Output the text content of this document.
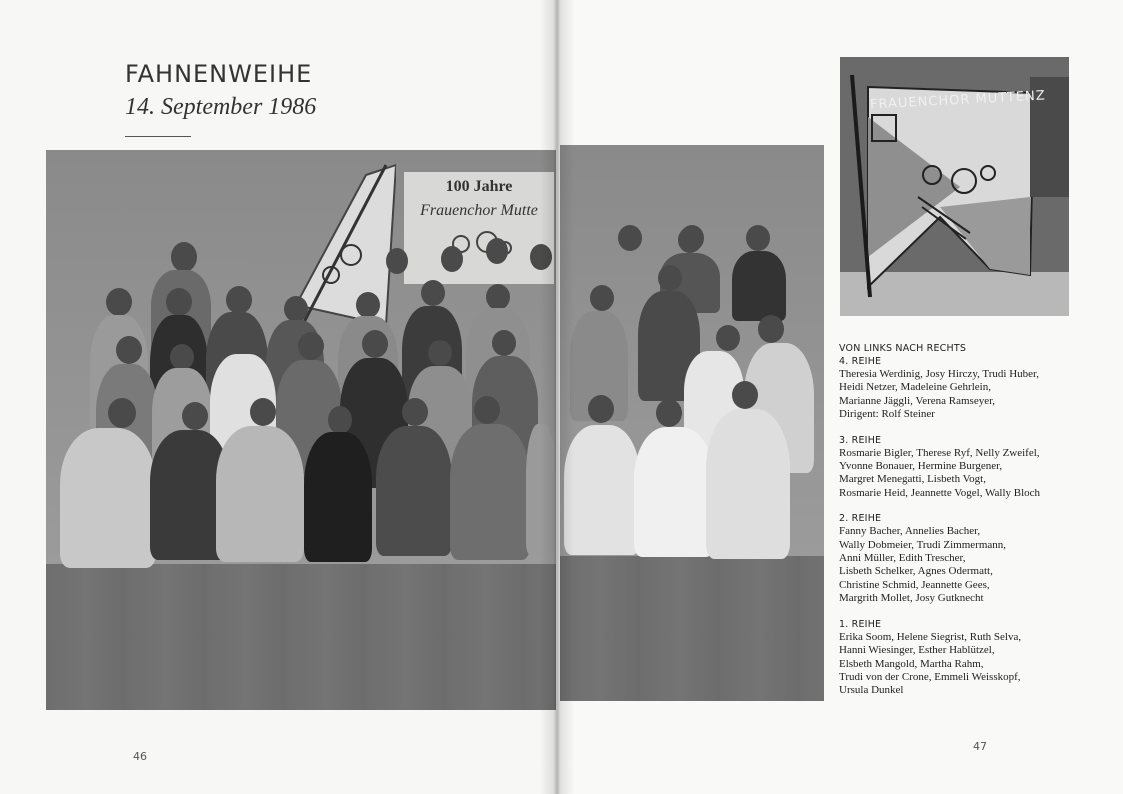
FAHNENWEIHE

14. September 1986

46
47
100 Jahre
Frauenchor Mutte
FRAUENCHOR MUTTENZ

VON LINKS NACH RECHTS

4. REIHE

Theresia Werdinig, Josy Hirczy, Trudi Huber,

Heidi Netzer, Madeleine Gehrlein,

Marianne Jäggli, Verena Ramseyer,

Dirigent: Rolf Steiner

3. REIHE

Rosmarie Bigler, Therese Ryf, Nelly Zweifel,

Yvonne Bonauer, Hermine Burgener,

Margret Menegatti, Lisbeth Vogt,

Rosmarie Heid, Jeannette Vogel, Wally Bloch

2. REIHE

Fanny Bacher, Annelies Bacher,

Wally Dobmeier, Trudi Zimmermann,

Anni Müller, Edith Trescher,

Lisbeth Schelker, Agnes Odermatt,

Christine Schmid, Jeannette Gees,

Margrith Mollet, Josy Gutknecht

1. REIHE

Erika Soom, Helene Siegrist, Ruth Selva,

Hanni Wiesinger, Esther Hablützel,

Elsbeth Mangold, Martha Rahm,

Trudi von der Crone, Emmeli Weisskopf,

Ursula Dunkel
